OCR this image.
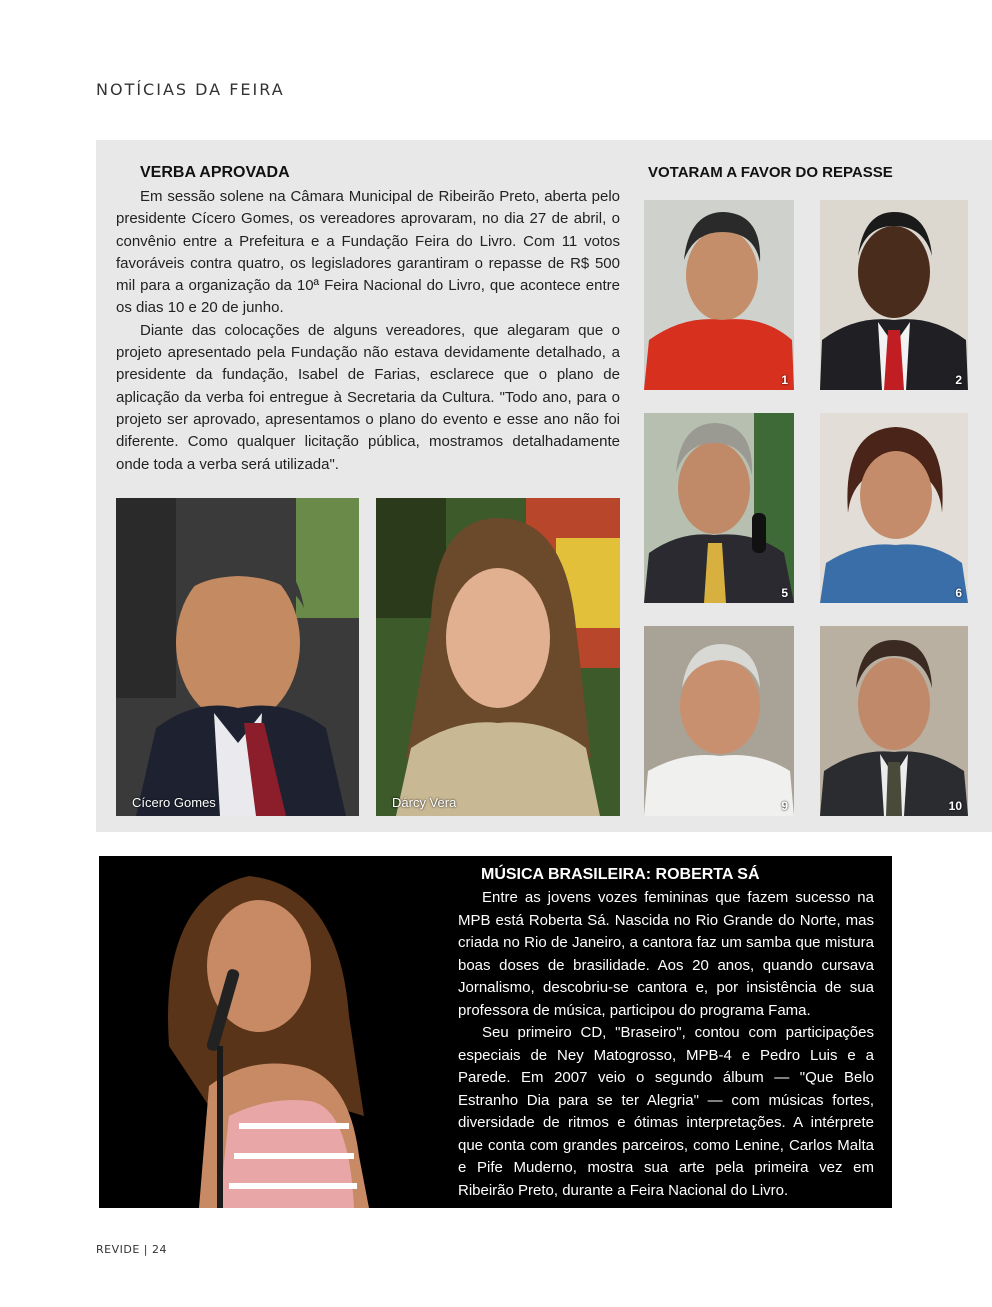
NOTÍCIAS DA FEIRA
VERBA APROVADA

Em sessão solene na Câmara Municipal de Ribeirão Preto, aberta pelo presidente Cícero Gomes, os vereadores aprovaram, no dia 27 de abril, o convênio entre a Prefeitura e a Fundação Feira do Livro. Com 11 votos favoráveis contra quatro, os legisladores garantiram o repasse de R$ 500 mil para a organização da 10ª Feira Nacional do Livro, que acontece entre os dias 10 e 20 de junho.

Diante das colocações de alguns vereadores, que alegaram que o projeto apresentado pela Fundação não estava devidamente detalhado, a presidente da fundação, Isabel de Farias, esclarece que o plano de aplicação da verba foi entregue à Secretaria da Cultura. "Todo ano, para o projeto ser aprovado, apresentamos o plano do evento e esse ano não foi diferente. Como qualquer licitação pública, mostramos detalhadamente onde toda a verba será utilizada".

Cícero Gomes	Dárcy Vera
VOTARAM A FAVOR DO REPASSE
1	2
5	6
9	10
MÚSICA BRASILEIRA: ROBERTA SÁ

Entre as jovens vozes femininas que fazem sucesso na MPB está Roberta Sá. Nascida no Rio Grande do Norte, mas criada no Rio de Janeiro, a cantora faz um samba que mistura boas doses de brasilidade. Aos 20 anos, quando cursava Jornalismo, descobriu-se cantora e, por insistência de sua professora de música, participou do programa Fama.

Seu primeiro CD, "Braseiro", contou com participações especiais de Ney Matogrosso, MPB-4 e Pedro Luis e a Parede. Em 2007 veio o segundo álbum — "Que Belo Estranho Dia para se ter Alegria" — com músicas fortes, diversidade de ritmos e ótimas interpretações. A intérprete que conta com grandes parceiros, como Lenine, Carlos Malta e Pife Muderno, mostra sua arte pela primeira vez em Ribeirão Preto, durante a Feira Nacional do Livro.

REVIDE | 24
